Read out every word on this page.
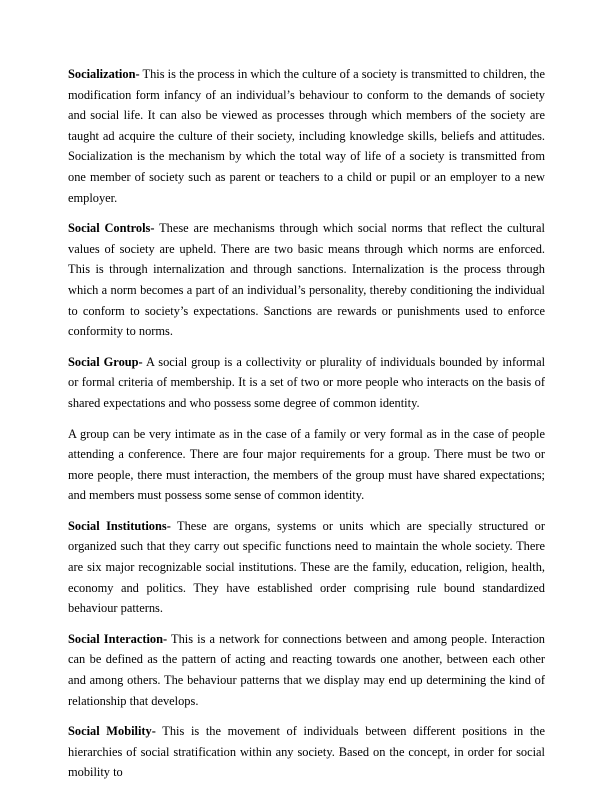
Socialization- This is the process in which the culture of a society is transmitted to children, the modification form infancy of an individual’s behaviour to conform to the demands of society and social life. It can also be viewed as processes through which members of the society are taught ad acquire the culture of their society, including knowledge skills, beliefs and attitudes. Socialization is the mechanism by which the total way of life of a society is transmitted from one member of society such as parent or teachers to a child or pupil or an employer to a new employer.

Social Controls- These are mechanisms through which social norms that reflect the cultural values of society are upheld. There are two basic means through which norms are enforced. This is through internalization and through sanctions. Internalization is the process through which a norm becomes a part of an individual’s personality, thereby conditioning the individual to conform to society’s expectations. Sanctions are rewards or punishments used to enforce conformity to norms.

Social Group- A social group is a collectivity or plurality of individuals bounded by informal or formal criteria of membership. It is a set of two or more people who interacts on the basis of shared expectations and who possess some degree of common identity.

A group can be very intimate as in the case of a family or very formal as in the case of people attending a conference. There are four major requirements for a group. There must be two or more people, there must interaction, the members of the group must have shared expectations; and members must possess some sense of common identity.

Social Institutions- These are organs, systems or units which are specially structured or organized such that they carry out specific functions need to maintain the whole society. There are six major recognizable social institutions. These are the family, education, religion, health, economy and politics. They have established order comprising rule bound standardized behaviour patterns.

Social Interaction- This is a network for connections between and among people. Interaction can be defined as the pattern of acting and reacting towards one another, between each other and among others. The behaviour patterns that we display may end up determining the kind of relationship that develops.

Social Mobility- This is the movement of individuals between different positions in the hierarchies of social stratification within any society. Based on the concept, in order for social mobility to
